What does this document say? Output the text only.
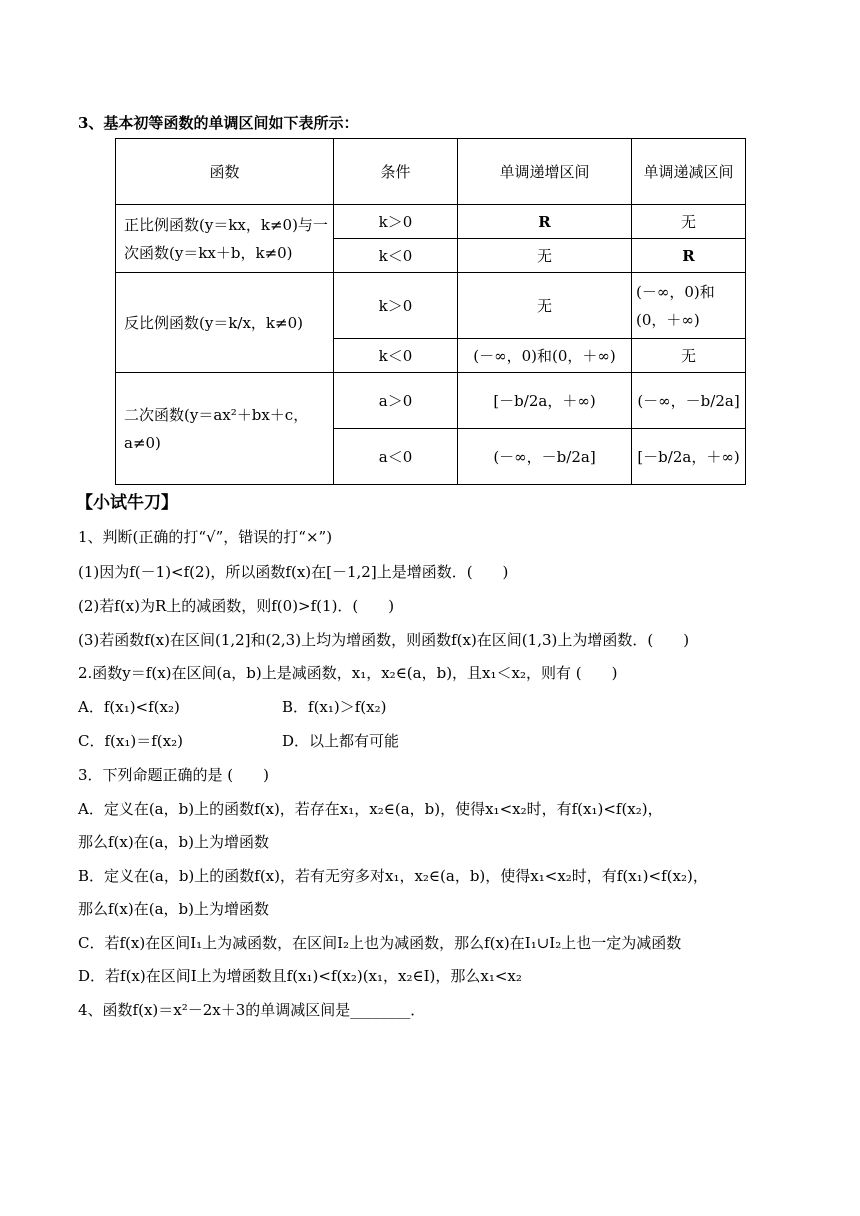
3、基本初等函数的单调区间如下表所示：
函数	条件	单调递增区间	单调递减区间
正比例函数(y＝kx，k≠0)与一次函数(y＝kx＋b，k≠0)	k＞0	R	无
	k＜0	无	R
反比例函数(y＝k/x，k≠0)	k＞0	无	(－∞，0)和(0，＋∞)
	k＜0	(－∞，0)和(0，＋∞)	无
二次函数(y＝ax²＋bx＋c，a≠0)	a＞0	[－b/2a，＋∞)	(－∞，－b/2a]
	a＜0	(－∞，－b/2a]	[－b/2a，＋∞)
【小试牛刀】
1、判断(正确的打“√”，错误的打“×”)
(1)因为f(－1)<f(2)，所以函数f(x)在[－1,2]上是增函数．(　　)
(2)若f(x)为R上的减函数，则f(0)>f(1)．(　　)
(3)若函数f(x)在区间(1,2]和(2,3)上均为增函数，则函数f(x)在区间(1,3)上为增函数．(　　)
2.函数y＝f(x)在区间(a，b)上是减函数，x₁，x₂∈(a，b)，且x₁＜x₂，则有 (　　)
A．f(x₁)<f(x₂)	B．f(x₁)＞f(x₂)
C．f(x₁)＝f(x₂)	D．以上都有可能
3．下列命题正确的是 (　　)
A．定义在(a，b)上的函数f(x)，若存在x₁，x₂∈(a，b)，使得x₁<x₂时，有f(x₁)<f(x₂)，
那么f(x)在(a，b)上为增函数
B．定义在(a，b)上的函数f(x)，若有无穷多对x₁，x₂∈(a，b)，使得x₁<x₂时，有f(x₁)<f(x₂)，
那么f(x)在(a，b)上为增函数
C．若f(x)在区间I₁上为减函数，在区间I₂上也为减函数，那么f(x)在I₁∪I₂上也一定为减函数
D．若f(x)在区间I上为增函数且f(x₁)<f(x₂)(x₁，x₂∈I)，那么x₁<x₂
4、函数f(x)＝x²－2x＋3的单调减区间是________．
